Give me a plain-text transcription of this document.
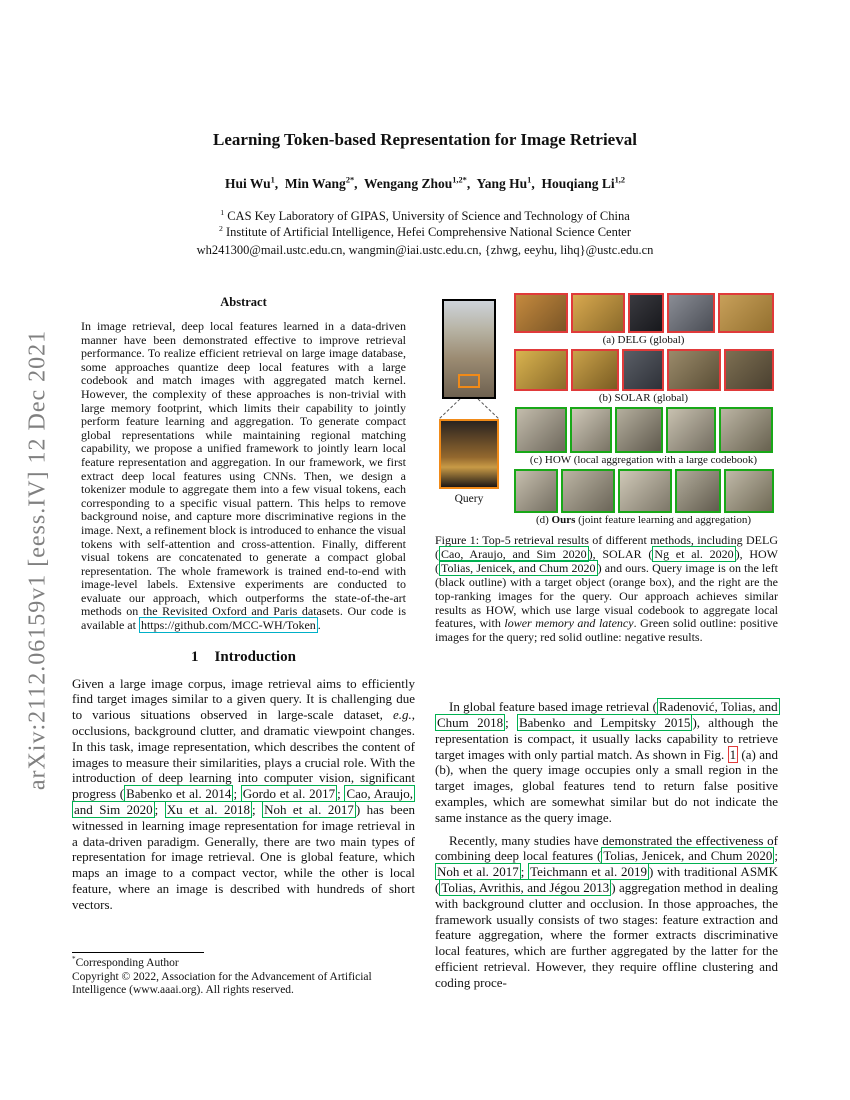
arXiv:2112.06159v1 [eess.IV] 12 Dec 2021
Learning Token-based Representation for Image Retrieval
Hui Wu$^1$,  Min Wang$^{2*}$,  Wengang Zhou$^{1,2*}$,  Yang Hu$^1$,  Houqiang Li$^{1,2}$
$^1$ CAS Key Laboratory of GIPAS, University of Science and Technology of China
$^2$ Institute of Artificial Intelligence, Hefei Comprehensive National Science Center
wh241300@mail.ustc.edu.cn, wangmin@iai.ustc.edu.cn, {zhwg, eeyhu, lihq}@ustc.edu.cn
Abstract

In image retrieval, deep local features learned in a data-driven manner have been demonstrated effective to improve retrieval performance. To realize efficient retrieval on large image database, some approaches quantize deep local features with a large codebook and match images with aggregated match kernel. However, the complexity of these approaches is non-trivial with large memory footprint, which limits their capability to jointly perform feature learning and aggregation. To generate compact global representations while maintaining regional matching capability, we propose a unified framework to jointly learn local feature representation and aggregation. In our framework, we first extract deep local features using CNNs. Then, we design a tokenizer module to aggregate them into a few visual tokens, each corresponding to a specific visual pattern. This helps to remove background noise, and capture more discriminative regions in the image. Next, a refinement block is introduced to enhance the visual tokens with self-attention and cross-attention. Finally, different visual tokens are concatenated to generate a compact global representation. The whole framework is trained end-to-end with image-level labels. Extensive experiments are conducted to evaluate our approach, which outperforms the state-of-the-art methods on the Revisited Oxford and Paris datasets. Our code is available at https://github.com/MCC-WH/Token .

1 Introduction

Given a large image corpus, image retrieval aims to efficiently find target images similar to a given query. It is challenging due to various situations observed in large-scale dataset, e.g., occlusions, background clutter, and dramatic viewpoint changes. In this task, image representation, which describes the content of images to measure their similarities, plays a crucial role. With the introduction of deep learning into computer vision, significant progress ( Babenko et al. 2014 ; Gordo et al. 2017 ; Cao, Araujo, and Sim 2020 ; Xu et al. 2018 ; Noh et al. 2017 ) has been witnessed in learning image representation for image retrieval in a data-driven paradigm. Generally, there are two main types of representation for image retrieval. One is global feature, which maps an image to a compact vector, while the other is local feature, where an image is described with hundreds of short vectors.

*Corresponding Author

Copyright © 2022, Association for the Advancement of Artificial Intelligence (www.aaai.org). All rights reserved.

Query
(a) DELG (global)
(b) SOLAR (global)
(c) HOW (local aggregation with a large codebook)
(d) Ours (joint feature learning and aggregation)
Figure 1: Top-5 retrieval results of different methods, including DELG ( Cao, Araujo, and Sim 2020 ), SOLAR ( Ng et al. 2020 ), HOW ( Tolias, Jenicek, and Chum 2020 ) and ours. Query image is on the left (black outline) with a target object (orange box), and the right are the top-ranking images for the query. Our approach achieves similar results as HOW, which use large visual codebook to aggregate local features, with lower memory and latency. Green solid outline: positive images for the query; red solid outline: negative results.

In global feature based image retrieval ( Radenović, Tolias, and Chum 2018 ; Babenko and Lempitsky 2015 ), although the representation is compact, it usually lacks capability to retrieve target images with only partial match. As shown in Fig. 1 (a) and (b), when the query image occupies only a small region in the target images, global features tend to return false positive examples, which are somewhat similar but do not indicate the same instance as the query image.

Recently, many studies have demonstrated the effectiveness of combining deep local features ( Tolias, Jenicek, and Chum 2020 ; Noh et al. 2017 ; Teichmann et al. 2019 ) with traditional ASMK ( Tolias, Avrithis, and Jégou 2013 ) aggregation method in dealing with background clutter and occlusion. In those approaches, the framework usually consists of two stages: feature extraction and feature aggregation, where the former extracts discriminative local features, which are further aggregated by the latter for the efficient retrieval. However, they require offline clustering and coding proce-
